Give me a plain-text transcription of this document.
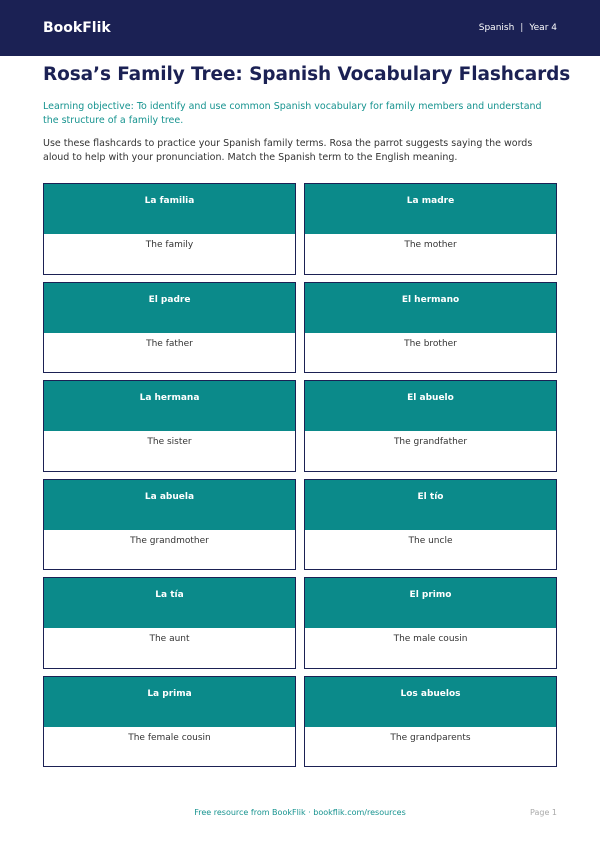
BookFlik	Spanish | Year 4
Rosa’s Family Tree: Spanish Vocabulary Flashcards

Learning objective: To identify and use common Spanish vocabulary for family members and understand the structure of a family tree.

Use these flashcards to practice your Spanish family terms. Rosa the parrot suggests saying the words aloud to help with your pronunciation. Match the Spanish term to the English meaning.

La familia
The family
La madre
The mother
El padre
The father
El hermano
The brother
La hermana
The sister
El abuelo
The grandfather
La abuela
The grandmother
El tío
The uncle
La tía
The aunt
El primo
The male cousin
La prima
The female cousin
Los abuelos
The grandparents
Free resource from BookFlik · bookflik.com/resources	Page 1
